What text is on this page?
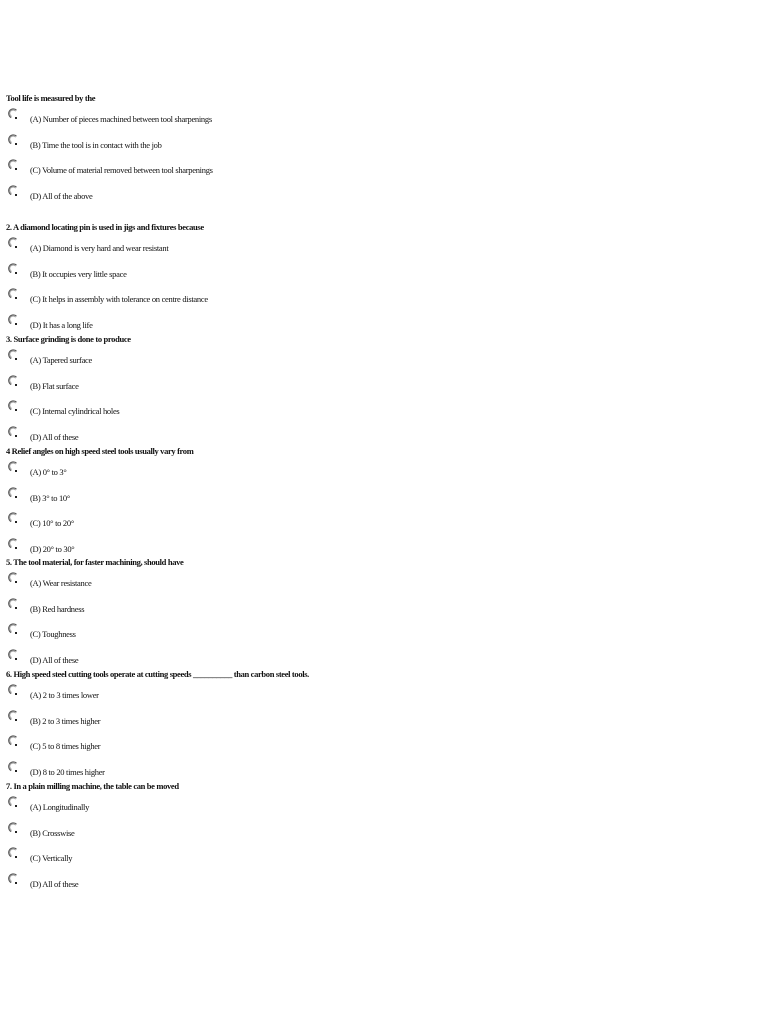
Tool life is measured by the
(A) Number of pieces machined between tool sharpenings
(B) Time the tool is in contact with the job
(C) Volume of material removed between tool sharpenings
(D) All of the above
2. A diamond locating pin is used in jigs and fixtures because
(A) Diamond is very hard and wear resistant
(B) It occupies very little space
(C) It helps in assembly with tolerance on centre distance
(D) It has a long life
3. Surface grinding is done to produce
(A) Tapered surface
(B) Flat surface
(C) Internal cylindrical holes
(D) All of these
4 Relief angles on high speed steel tools usually vary from
(A) 0° to 3°
(B) 3° to 10°
(C) 10° to 20°
(D) 20° to 30°
5. The tool material, for faster machining, should have
(A) Wear resistance
(B) Red hardness
(C) Toughness
(D) All of these
6. High speed steel cutting tools operate at cutting speeds __________ than carbon steel tools.
(A) 2 to 3 times lower
(B) 2 to 3 times higher
(C) 5 to 8 times higher
(D) 8 to 20 times higher
7. In a plain milling machine, the table can be moved
(A) Longitudinally
(B) Crosswise
(C) Vertically
(D) All of these
